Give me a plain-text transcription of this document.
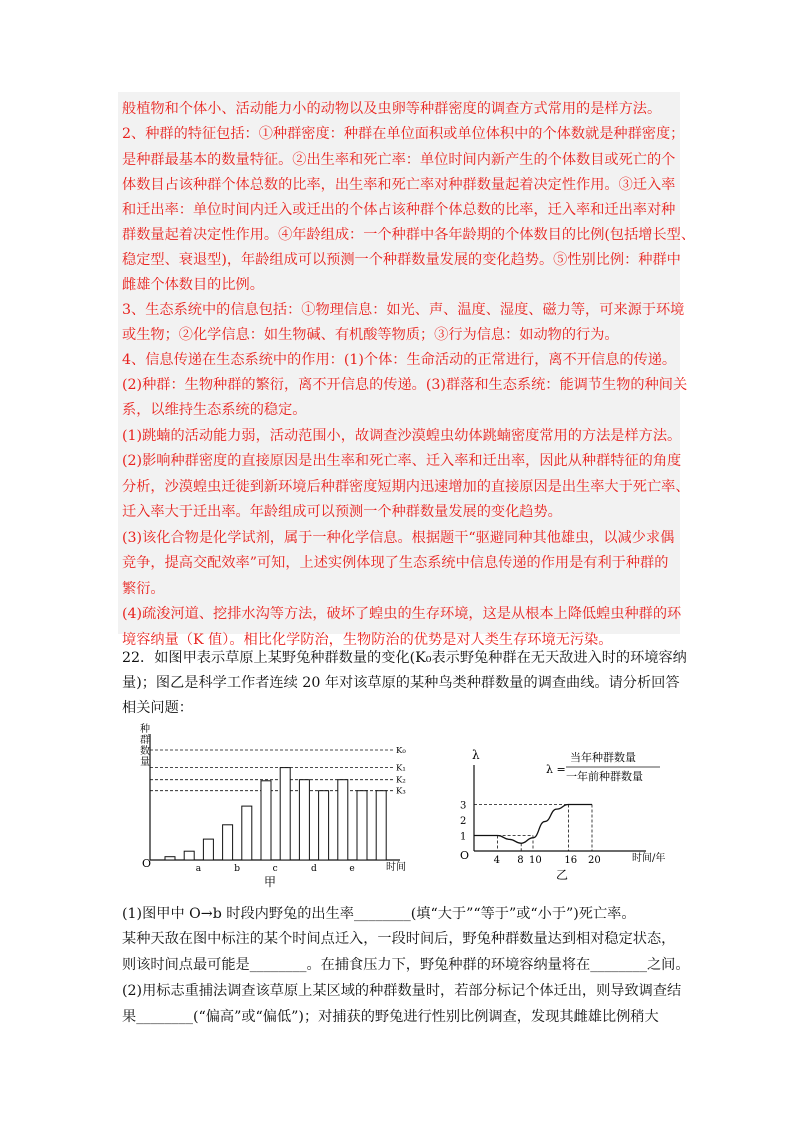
般植物和个体小、活动能力小的动物以及虫卵等种群密度的调查方式常用的是样方法。
2、种群的特征包括：①种群密度：种群在单位面积或单位体积中的个体数就是种群密度；
是种群最基本的数量特征。②出生率和死亡率：单位时间内新产生的个体数目或死亡的个
体数目占该种群个体总数的比率，出生率和死亡率对种群数量起着决定性作用。③迁入率
和迁出率：单位时间内迁入或迁出的个体占该种群个体总数的比率，迁入率和迁出率对种
群数量起着决定性作用。④年龄组成：一个种群中各年龄期的个体数目的比例(包括增长型、
稳定型、衰退型)，年龄组成可以预测一个种群数量发展的变化趋势。⑤性别比例：种群中
雌雄个体数目的比例。
3、生态系统中的信息包括：①物理信息：如光、声、温度、湿度、磁力等，可来源于环境
或生物；②化学信息：如生物碱、有机酸等物质；③行为信息：如动物的行为。
4、信息传递在生态系统中的作用：(1)个体：生命活动的正常进行，离不开信息的传递。
(2)种群：生物种群的繁衍，离不开信息的传递。(3)群落和生态系统：能调节生物的种间关
系，以维持生态系统的稳定。
(1)跳蝻的活动能力弱，活动范围小，故调查沙漠蝗虫幼体跳蝻密度常用的方法是样方法。
(2)影响种群密度的直接原因是出生率和死亡率、迁入率和迁出率，因此从种群特征的角度
分析，沙漠蝗虫迁徙到新环境后种群密度短期内迅速增加的直接原因是出生率大于死亡率、
迁入率大于迁出率。年龄组成可以预测一个种群数量发展的变化趋势。
(3)该化合物是化学试剂，属于一种化学信息。根据题干“驱避同种其他雄虫，以减少求偶
竞争，提高交配效率”可知，上述实例体现了生态系统中信息传递的作用是有利于种群的
繁衍。
(4)疏浚河道、挖排水沟等方法，破坏了蝗虫的生存环境，这是从根本上降低蝗虫种群的环
境容纳量（K 值）。相比化学防治，生物防治的优势是对人类生存环境无污染。
22．如图甲表示草原上某野兔种群数量的变化(K₀表示野兔种群在无天敌进入时的环境容纳
量)；图乙是科学工作者连续 20 年对该草原的某种鸟类种群数量的调查曲线。请分析回答
相关问题：
(1)图甲中 O→b 时段内野兔的出生率________(填“大于”“等于”或“小于”)死亡率。
某种天敌在图中标注的某个时间点迁入，一段时间后，野兔种群数量达到相对稳定状态，
则该时间点最可能是________。在捕食压力下，野兔种群的环境容纳量将在________之间。
(2)用标志重捕法调查该草原上某区域的种群数量时，若部分标记个体迁出，则导致调查结
果________(“偏高”或“偏低”)；对捕获的野兔进行性别比例调查，发现其雌雄比例稍大
种
群
数
量
K₀
K₁
K₂
K₃
a	b	c	d	e
O	时间
甲
λ
λ =
当年种群数量
一年前种群数量
1
2
3
4 8 10 16 20
O	时间/年
乙
